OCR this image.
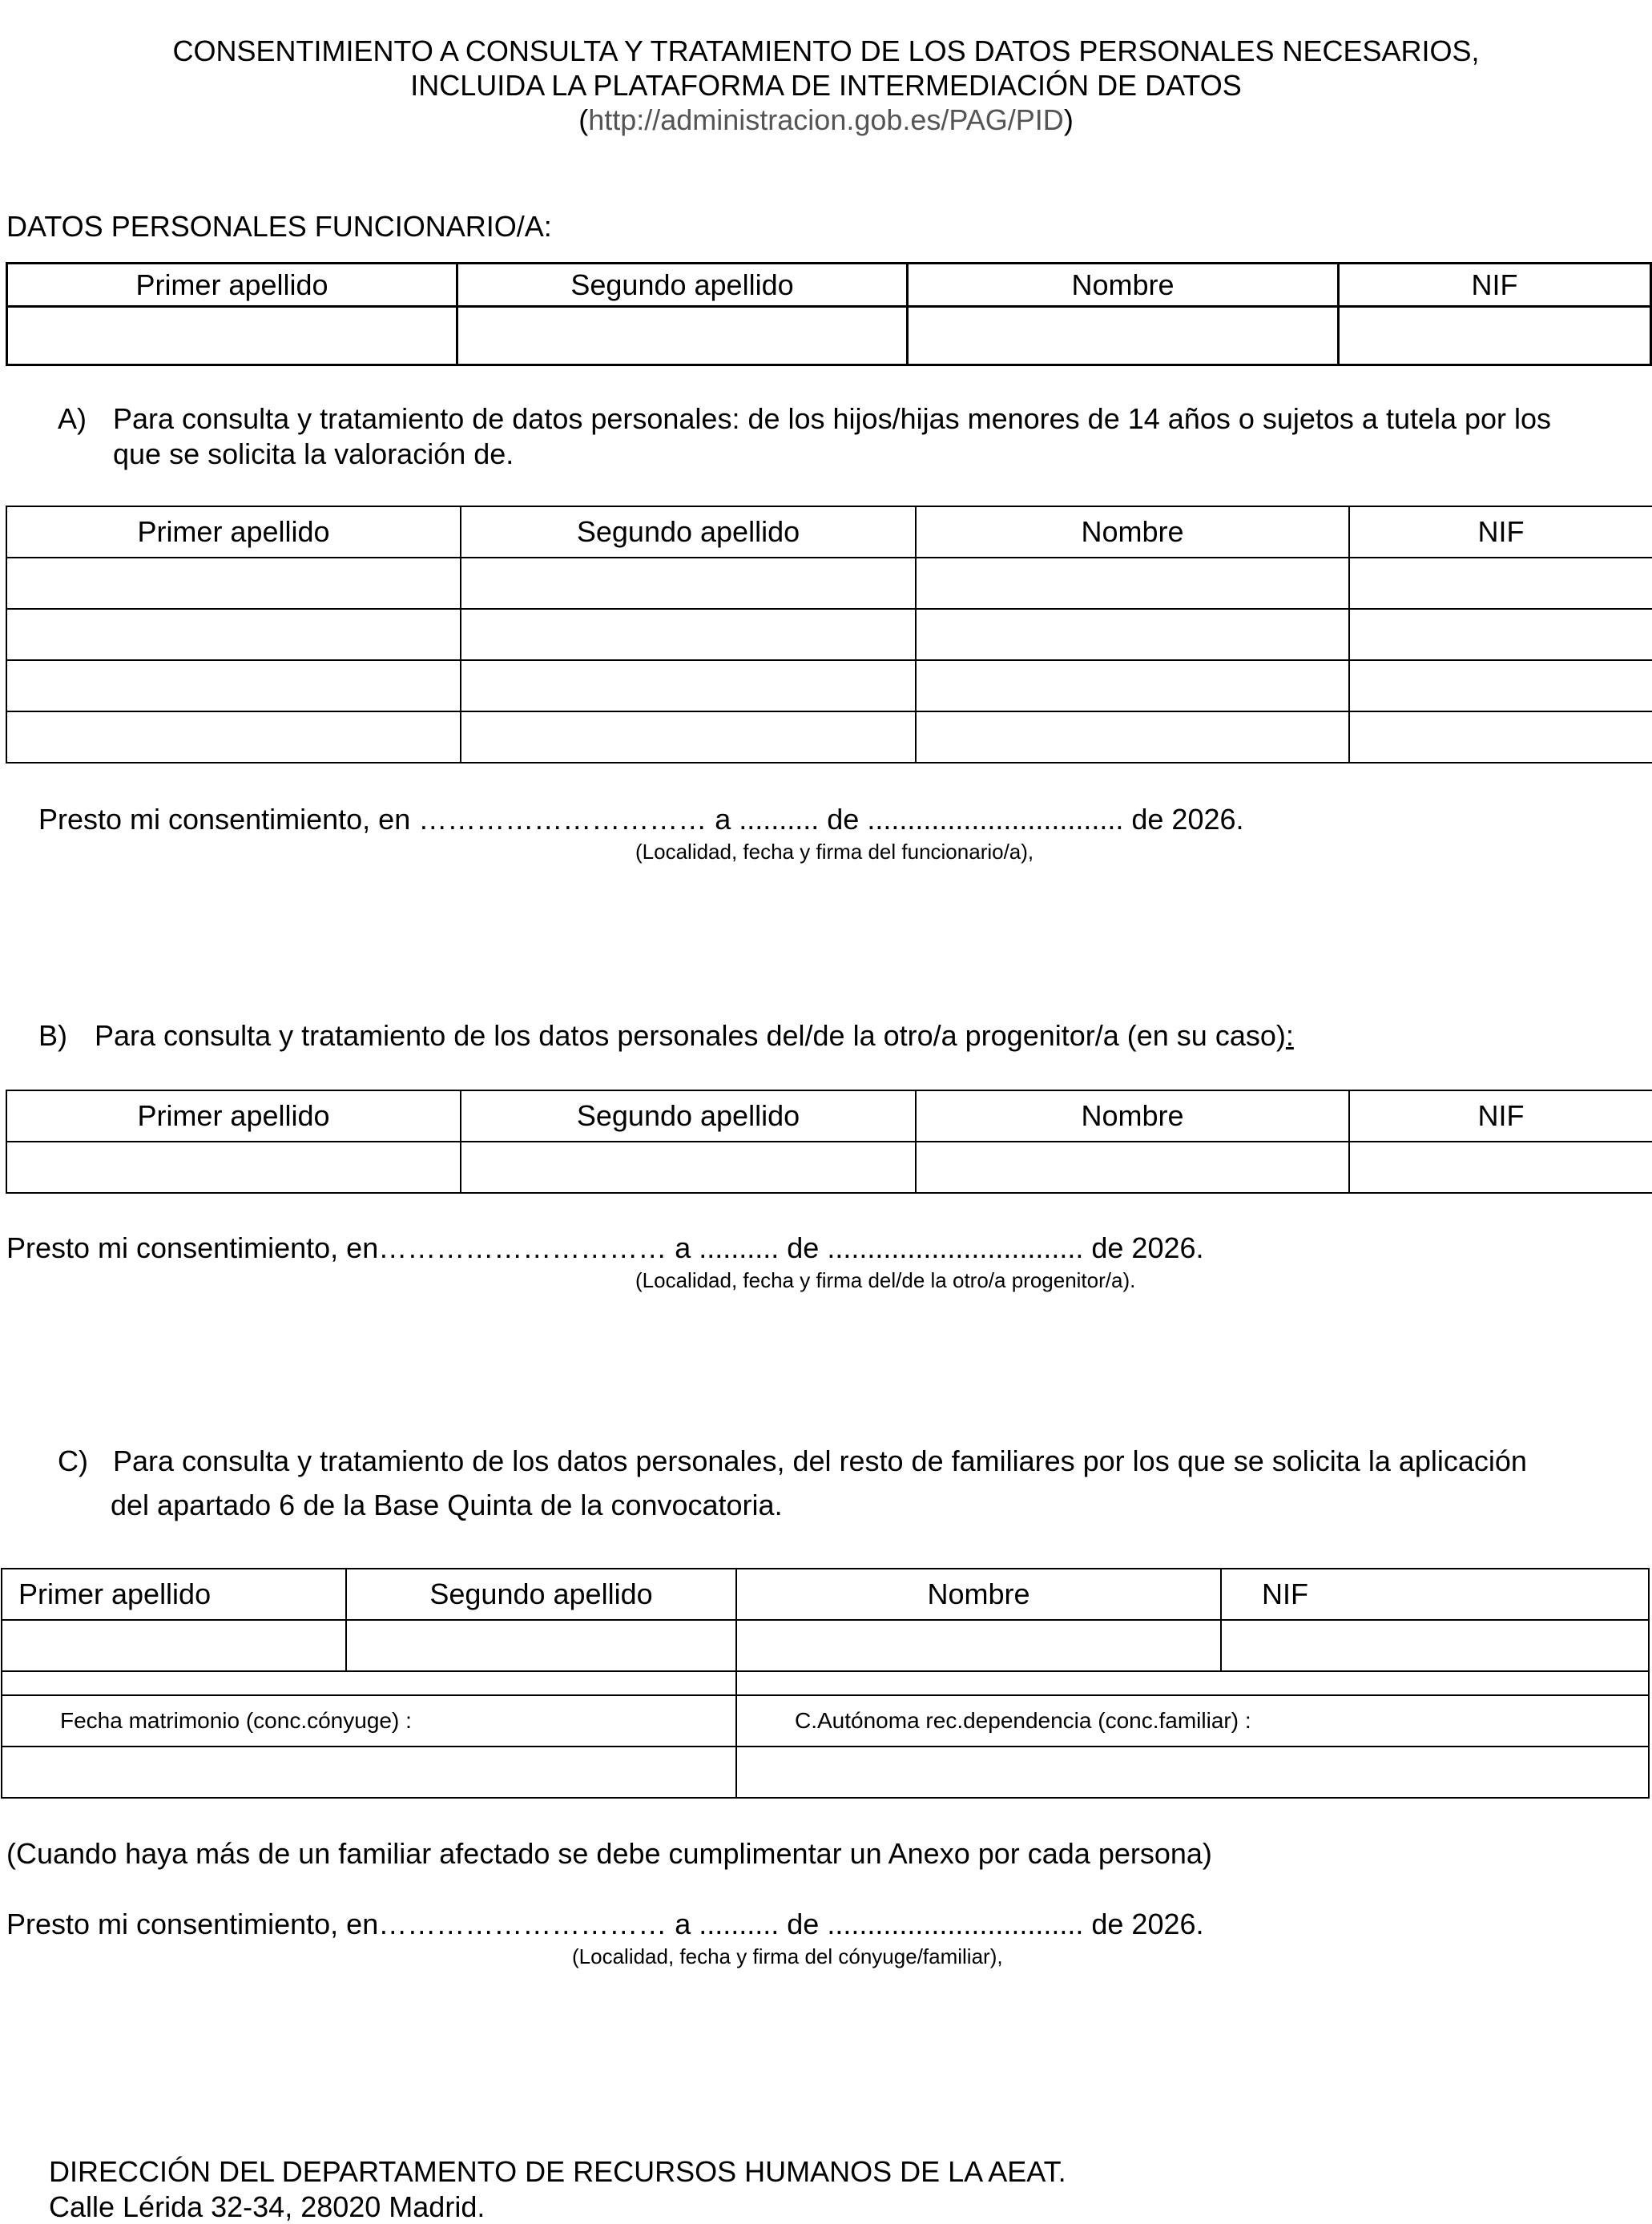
CONSENTIMIENTO A CONSULTA Y TRATAMIENTO DE LOS DATOS PERSONALES NECESARIOS,
INCLUIDA LA PLATAFORMA DE INTERMEDIACIÓN DE DATOS
(http://administracion.gob.es/PAG/PID)
DATOS PERSONALES FUNCIONARIO/A:
Primer apellido	Segundo apellido	Nombre	NIF

A) Para consulta y tratamiento de datos personales: de los hijos/hijas menores de 14 años o sujetos a tutela por los
que se solicita la valoración de.
Primer apellido	Segundo apellido	Nombre	NIF

Presto mi consentimiento, en ………………………… a .......... de ................................ de 2026.
(Localidad, fecha y firma del funcionario/a),
B) Para consulta y tratamiento de los datos personales del/de la otro/a progenitor/a (en su caso):
Primer apellido	Segundo apellido	Nombre	NIF

Presto mi consentimiento, en………………………… a .......... de ................................ de 2026.
(Localidad, fecha y firma del/de la otro/a progenitor/a).
C) Para consulta y tratamiento de los datos personales, del resto de familiares por los que se solicita la aplicación
del apartado 6 de la Base Quinta de la convocatoria.
Primer apellido	Segundo apellido	Nombre	NIF

Fecha matrimonio (conc.cónyuge) :		C.Autónoma rec.dependencia (conc.familiar) :	

(Cuando haya más de un familiar afectado se debe cumplimentar un Anexo por cada persona)
Presto mi consentimiento, en………………………… a .......... de ................................ de 2026.
(Localidad, fecha y firma del cónyuge/familiar),
DIRECCIÓN DEL DEPARTAMENTO DE RECURSOS HUMANOS DE LA AEAT.
Calle Lérida 32-34, 28020 Madrid.
